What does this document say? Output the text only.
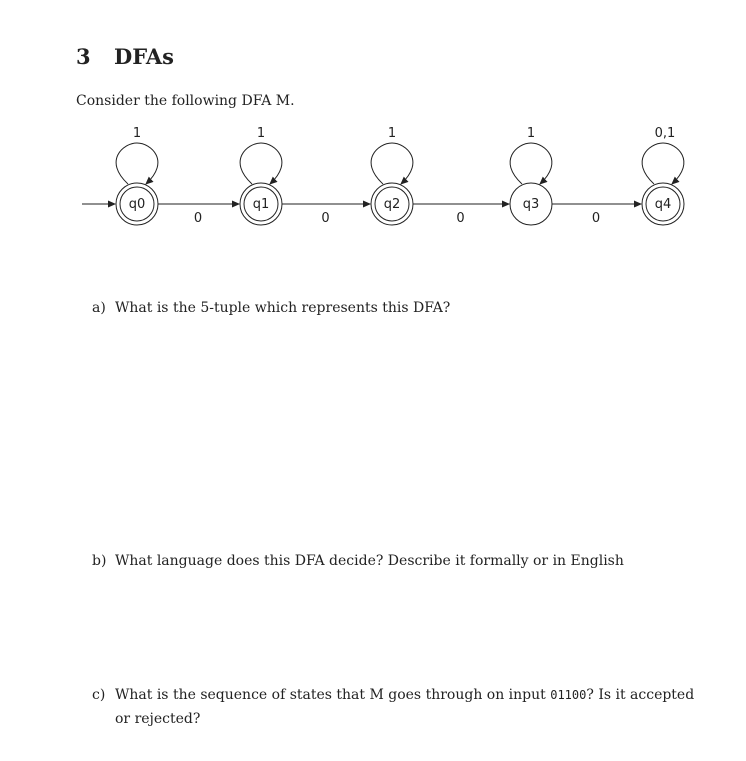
3 DFAs
Consider the following DFA M.
0	0	0	0
1
q0
1
q1
1
q2
1
q3
0,1
q4
a) What is the 5-tuple which represents this DFA?
b) What language does this DFA decide? Describe it formally or in English
c) What is the sequence of states that M goes through on input 01100? Is it accepted or rejected?
